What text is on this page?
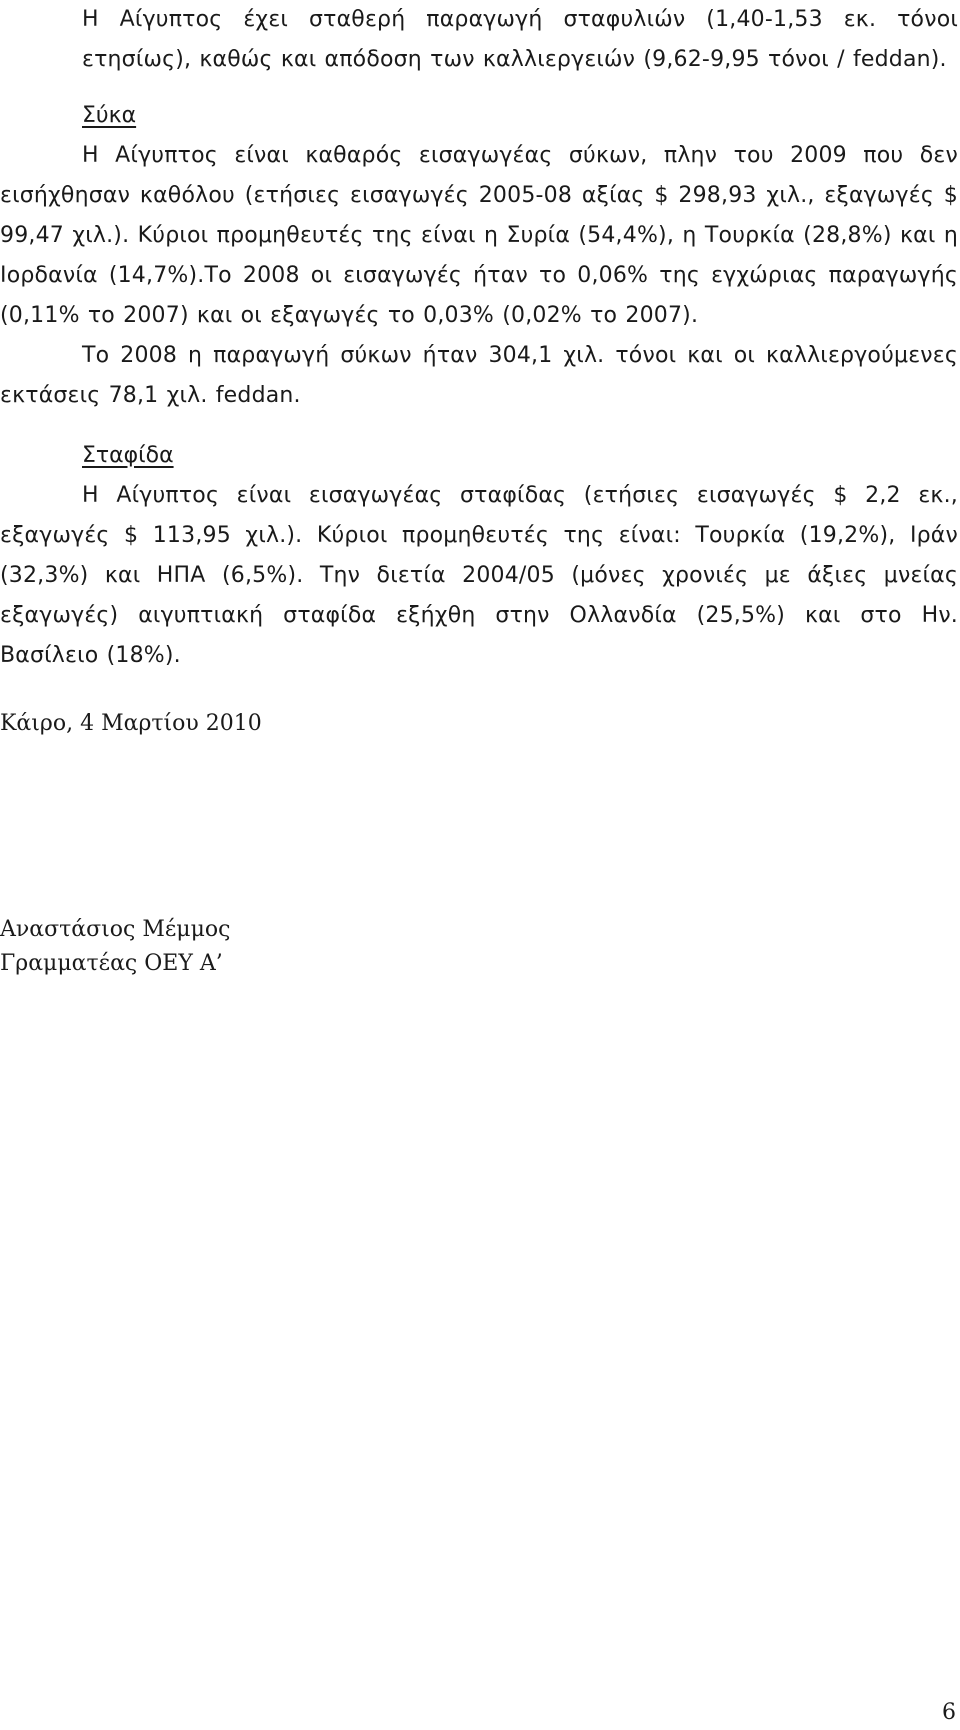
Η Αίγυπτος έχει σταθερή παραγωγή σταφυλιών (1,40-1,53 εκ. τόνοι ετησίως), καθώς και απόδοση των καλλιεργειών (9,62-9,95 τόνοι / feddan).

Σύκα

Η Αίγυπτος είναι καθαρός εισαγωγέας σύκων, πλην του 2009 που δεν εισήχθησαν καθόλου (ετήσιες εισαγωγές 2005-08 αξίας $ 298,93 χιλ., εξαγωγές $ 99,47 χιλ.). Κύριοι προμηθευτές της είναι η Συρία (54,4%), η Τουρκία (28,8%) και η Ιορδανία (14,7%).Το 2008 οι εισαγωγές ήταν το 0,06% της εγχώριας παραγωγής (0,11% το 2007) και οι εξαγωγές το 0,03% (0,02% το 2007).

Το 2008 η παραγωγή σύκων ήταν 304,1 χιλ. τόνοι και οι καλλιεργούμενες εκτάσεις 78,1 χιλ. feddan.

Σταφίδα

Η Αίγυπτος είναι εισαγωγέας σταφίδας (ετήσιες εισαγωγές $ 2,2 εκ., εξαγωγές $ 113,95 χιλ.). Κύριοι προμηθευτές της είναι: Τουρκία (19,2%), Ιράν (32,3%) και ΗΠΑ (6,5%). Την διετία 2004/05 (μόνες χρονιές με άξιες μνείας εξαγωγές) αιγυπτιακή σταφίδα εξήχθη στην Ολλανδία (25,5%) και στο Ην. Βασίλειο (18%).

Κάιρο, 4 Μαρτίου 2010
Αναστάσιος Μέμμος
Γραμματέας ΟΕΥ Α’
6
